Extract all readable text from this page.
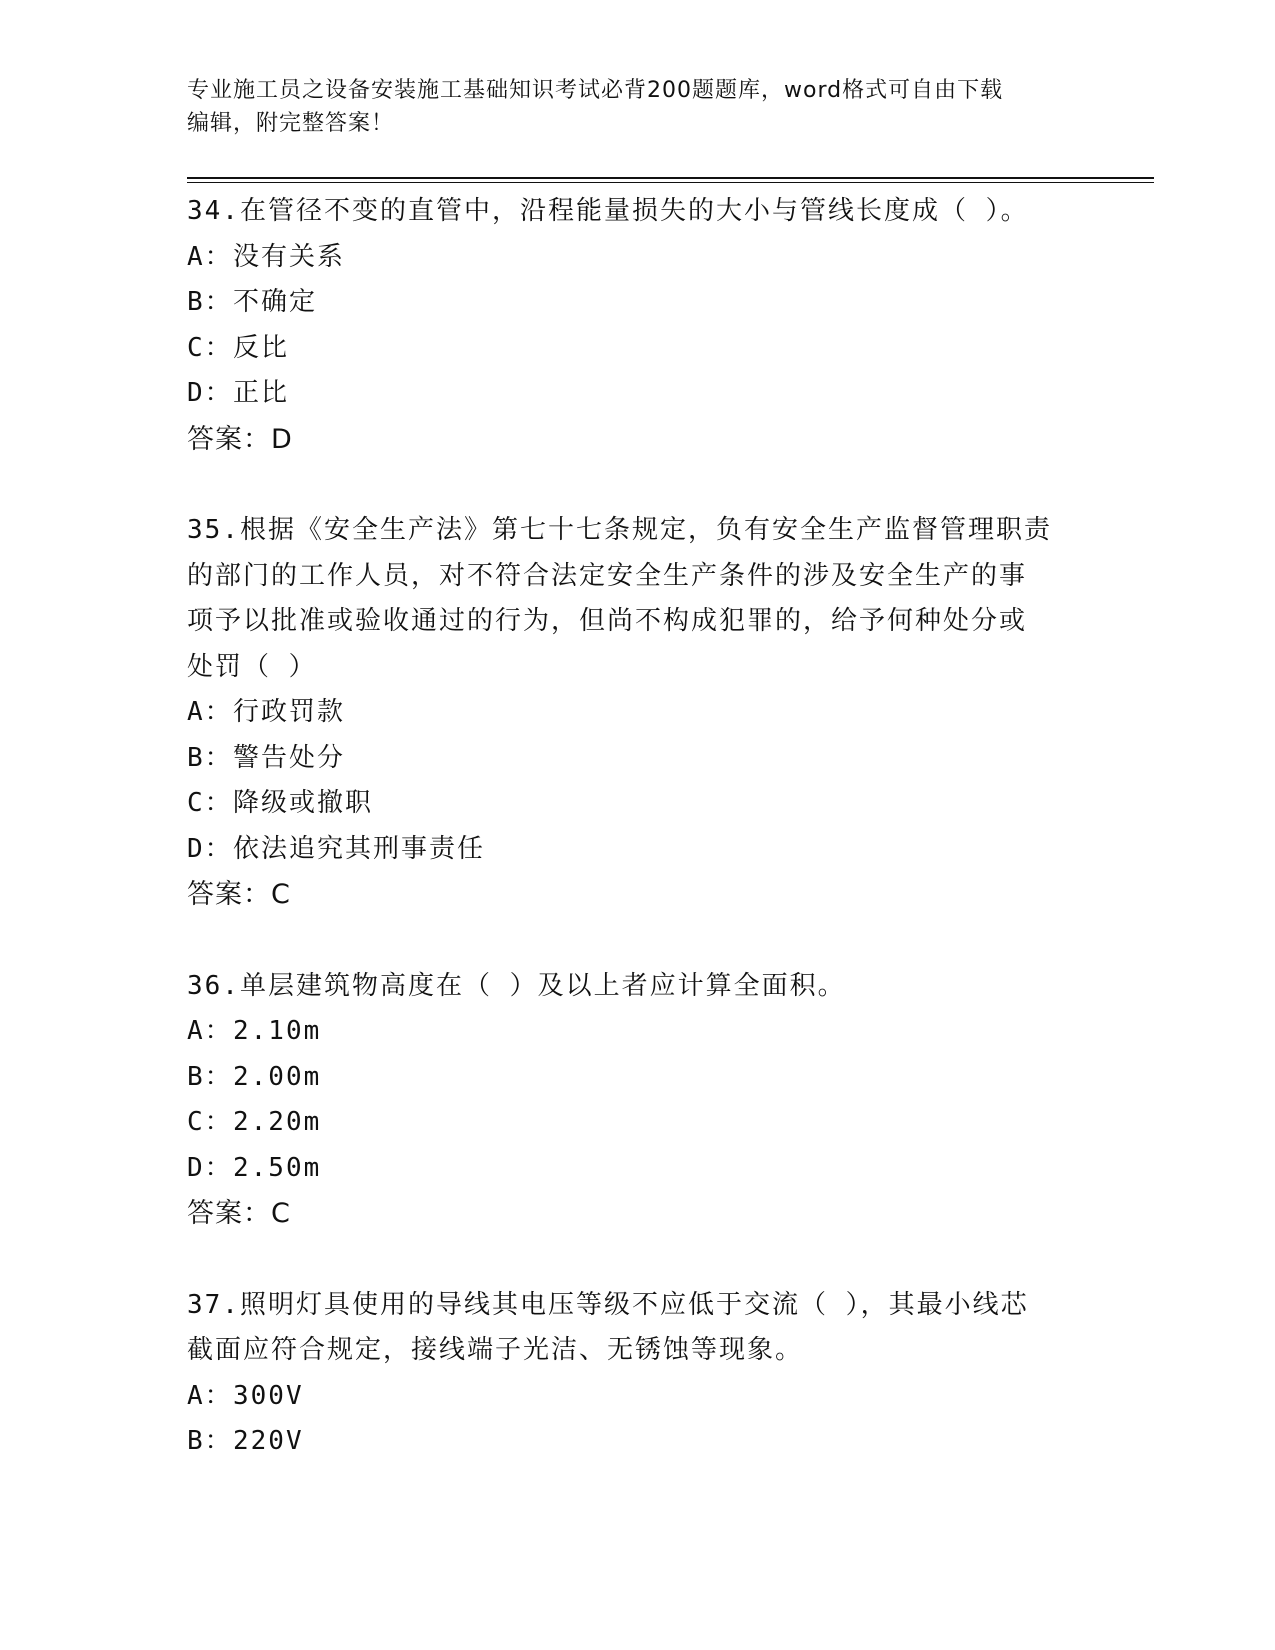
专业施工员之设备安装施工基础知识考试必背200题题库，word格式可自由下载
编辑，附完整答案！
34.在管径不变的直管中，沿程能量损失的大小与管线长度成（ ）。
A：没有关系
B：不确定
C：反比
D：正比
答案：D
35.根据《安全生产法》第七十七条规定，负有安全生产监督管理职责
的部门的工作人员，对不符合法定安全生产条件的涉及安全生产的事
项予以批准或验收通过的行为，但尚不构成犯罪的，给予何种处分或
处罚（ ）
A：行政罚款
B：警告处分
C：降级或撤职
D：依法追究其刑事责任
答案：C
36.单层建筑物高度在（ ）及以上者应计算全面积。
A：2.10m
B：2.00m
C：2.20m
D：2.50m
答案：C
37.照明灯具使用的导线其电压等级不应低于交流（ ），其最小线芯
截面应符合规定，接线端子光洁、无锈蚀等现象。
A：300V
B：220V
